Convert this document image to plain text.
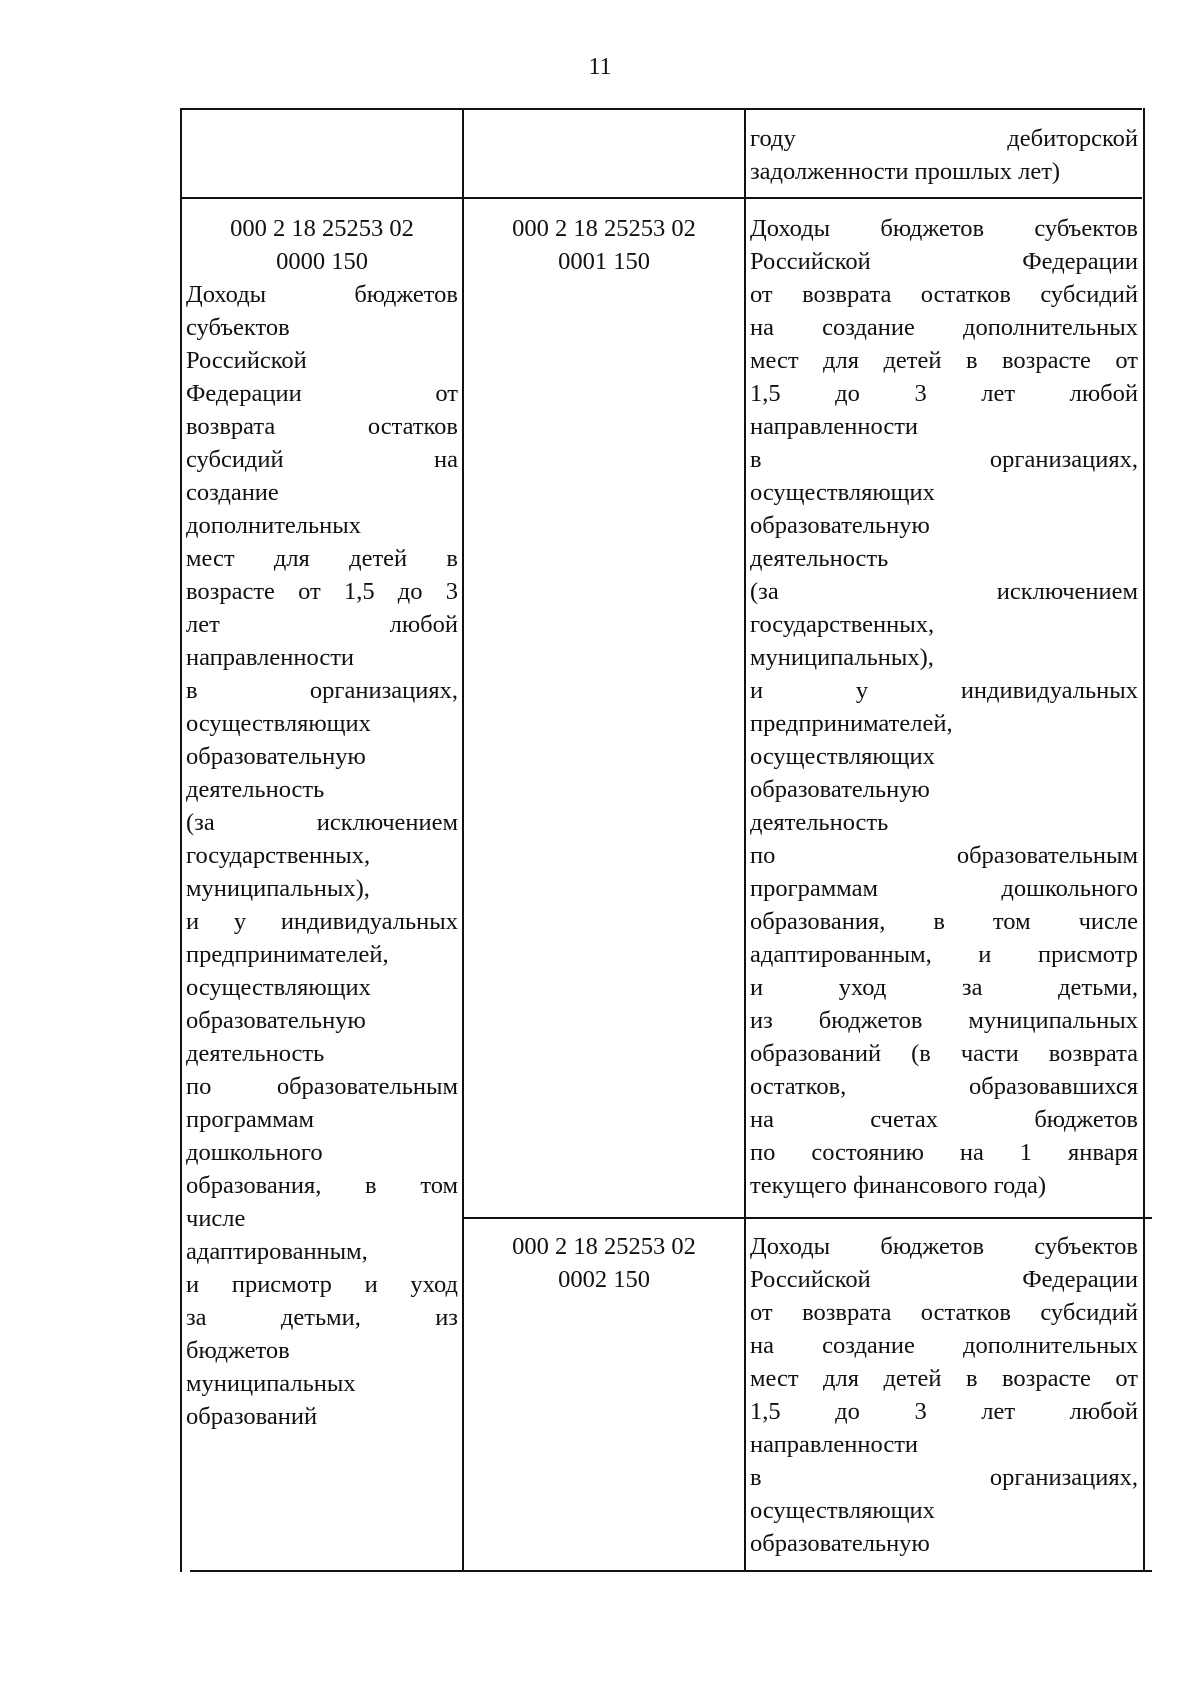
11
году дебиторской
задолженности прошлых лет)
000 2 18 25253 02
0000 150
Доходы бюджетов
субъектов
Российской
Федерации от
возврата остатков
субсидий на
создание
дополнительных
мест для детей в
возрасте от 1,5 до 3
лет любой
направленности
в организациях,
осуществляющих
образовательную
деятельность
(за исключением
государственных,
муниципальных),
и у индивидуальных
предпринимателей,
осуществляющих
образовательную
деятельность
по образовательным
программам
дошкольного
образования, в том
числе
адаптированным,
и присмотр и уход
за детьми, из
бюджетов
муниципальных
образований
000 2 18 25253 02
0001 150
Доходы бюджетов субъектов
Российской Федерации
от возврата остатков субсидий
на создание дополнительных
мест для детей в возрасте от
1,5 до 3 лет любой
направленности
в организациях,
осуществляющих
образовательную
деятельность
(за исключением
государственных,
муниципальных),
и у индивидуальных
предпринимателей,
осуществляющих
образовательную
деятельность
по образовательным
программам дошкольного
образования, в том числе
адаптированным, и присмотр
и уход за детьми,
из бюджетов муниципальных
образований (в части возврата
остатков, образовавшихся
на счетах бюджетов
по состоянию на 1 января
текущего финансового года)
000 2 18 25253 02
0002 150
Доходы бюджетов субъектов
Российской Федерации
от возврата остатков субсидий
на создание дополнительных
мест для детей в возрасте от
1,5 до 3 лет любой
направленности
в организациях,
осуществляющих
образовательную
